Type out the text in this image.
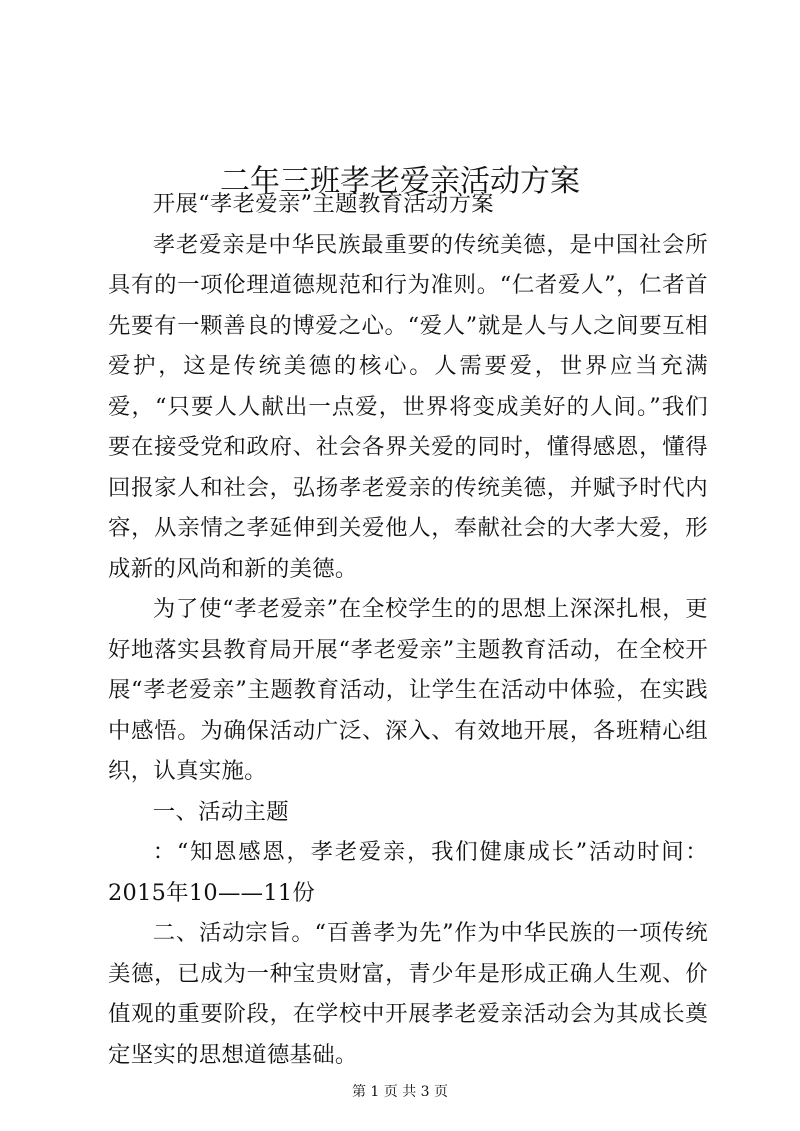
二年三班孝老爱亲活动方案

开展“孝老爱亲”主题教育活动方案

孝老爱亲是中华民族最重要的传统美德，是中国社会所具有的一项伦理道德规范和行为准则。“仁者爱人”，仁者首先要有一颗善良的博爱之心。“爱人”就是人与人之间要互相爱护，这是传统美德的核心。人需要爱，世界应当充满爱，“只要人人献出一点爱，世界将变成美好的人间。”我们要在接受党和政府、社会各界关爱的同时，懂得感恩，懂得回报家人和社会，弘扬孝老爱亲的传统美德，并赋予时代内容，从亲情之孝延伸到关爱他人，奉献社会的大孝大爱，形成新的风尚和新的美德。

为了使“孝老爱亲”在全校学生的的思想上深深扎根，更好地落实县教育局开展“孝老爱亲”主题教育活动，在全校开展“孝老爱亲”主题教育活动，让学生在活动中体验，在实践中感悟。为确保活动广泛、深入、有效地开展，各班精心组织，认真实施。

一、活动主题

：“知恩感恩，孝老爱亲，我们健康成长”活动时间：2015年10——11份

二、活动宗旨。“百善孝为先”作为中华民族的一项传统美德，已成为一种宝贵财富，青少年是形成正确人生观、价值观的重要阶段，在学校中开展孝老爱亲活动会为其成长奠定坚实的思想道德基础。

第 1 页 共 3 页
